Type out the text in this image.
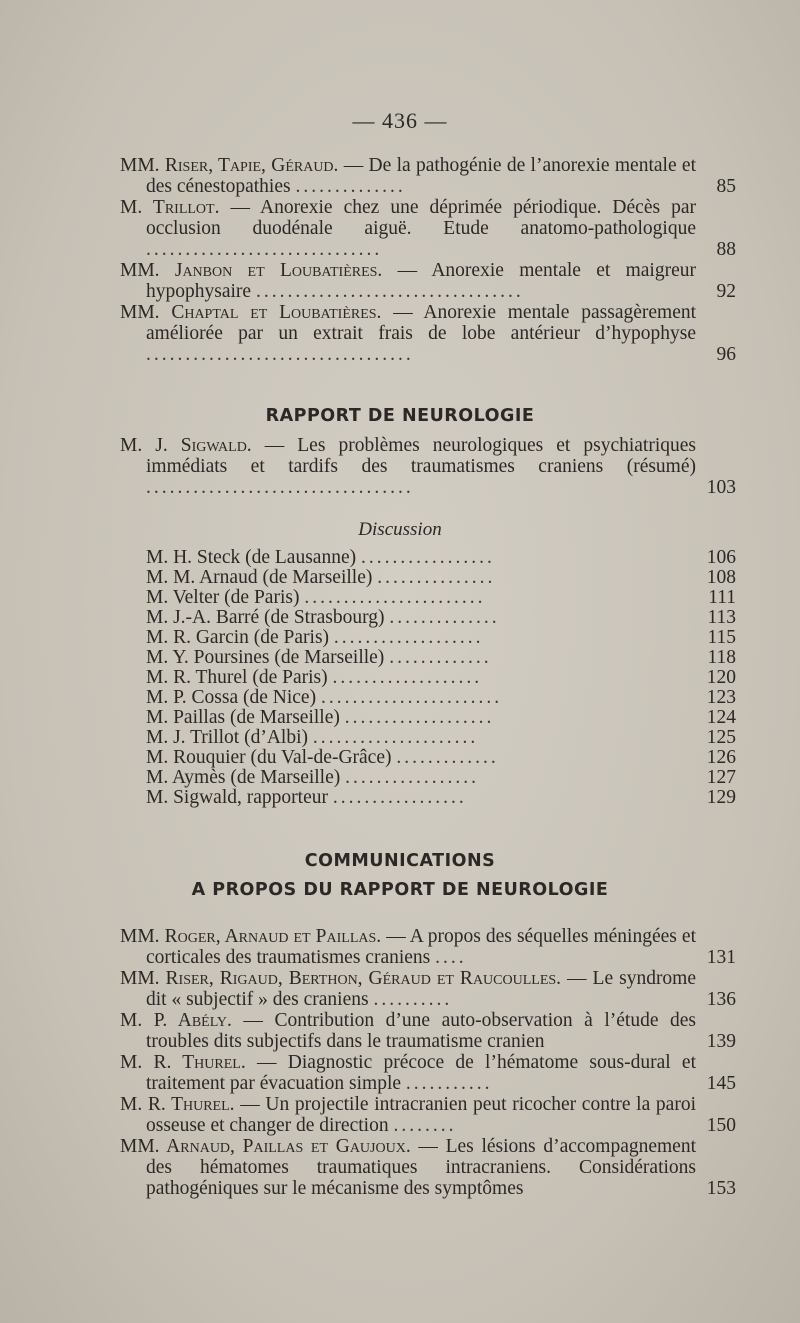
— 436 —
MM. Riser, Tapie, Géraud. — De la pathogénie de l’anorexie mentale et des cénestopathies ..............	85
M. Trillot. — Anorexie chez une déprimée périodique. Décès par occlusion duodénale aiguë. Etude anatomo-pathologique ..............................	88
MM. Janbon et Loubatières. — Anorexie mentale et maigreur hypophysaire ..................................	92
MM. Chaptal et Loubatières. — Anorexie mentale passagèrement améliorée par un extrait frais de lobe antérieur d’hypophyse ..................................	96
RAPPORT DE NEUROLOGIE
M. J. Sigwald. — Les problèmes neurologiques et psychiatriques immédiats et tardifs des traumatismes craniens (résumé) ..................................	103
Discussion
M. H. Steck (de Lausanne) .................	106
M. M. Arnaud (de Marseille) ...............	108
M. Velter (de Paris) .......................	111
M. J.-A. Barré (de Strasbourg) ..............	113
M. R. Garcin (de Paris) ...................	115
M. Y. Poursines (de Marseille) .............	118
M. R. Thurel (de Paris) ...................	120
M. P. Cossa (de Nice) .......................	123
M. Paillas (de Marseille) ...................	124
M. J. Trillot (d’Albi) .....................	125
M. Rouquier (du Val-de-Grâce) .............	126
M. Aymès (de Marseille) .................	127
M. Sigwald, rapporteur .................	129
COMMUNICATIONS
A PROPOS DU RAPPORT DE NEUROLOGIE
MM. Roger, Arnaud et Paillas. — A propos des séquelles méningées et corticales des traumatismes craniens ....	131
MM. Riser, Rigaud, Berthon, Géraud et Raucoulles. — Le syndrome dit « subjectif » des craniens ..........	136
M. P. Abély. — Contribution d’une auto-observation à l’étude des troubles dits subjectifs dans le traumatisme cranien	139
M. R. Thurel. — Diagnostic précoce de l’hématome sous-dural et traitement par évacuation simple ...........	145
M. R. Thurel. — Un projectile intracranien peut ricocher contre la paroi osseuse et changer de direction ........	150
MM. Arnaud, Paillas et Gaujoux. — Les lésions d’accompagnement des hématomes traumatiques intracraniens. Considérations pathogéniques sur le mécanisme des symptômes	153
